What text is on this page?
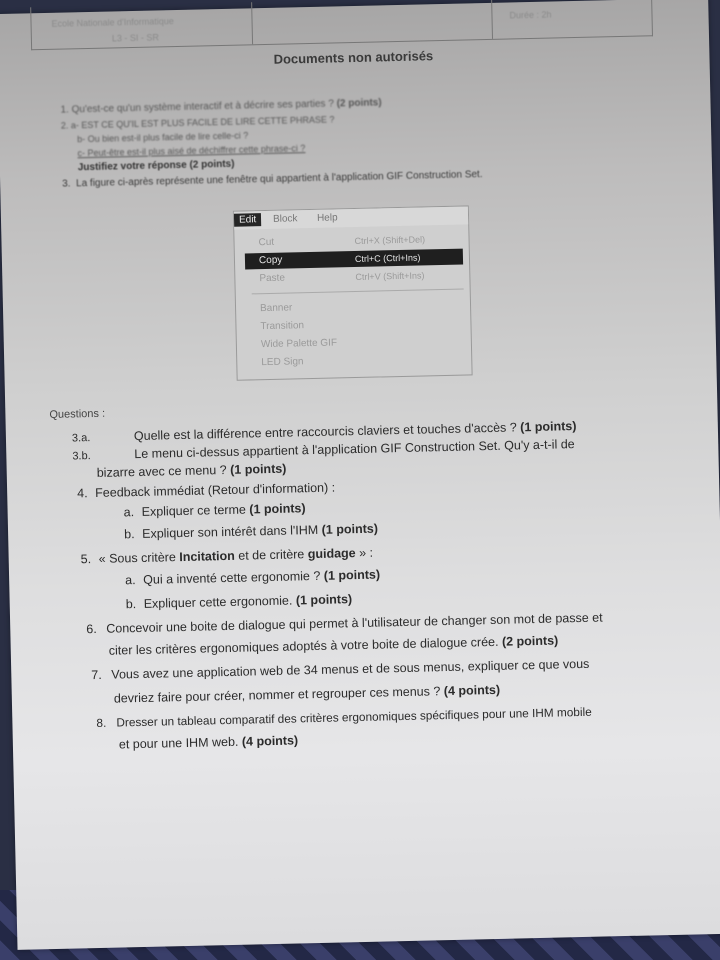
Ecole Nationale d'Informatique
L3 - SI - SR
Durée : 2h
Documents non autorisés
1. Qu'est-ce qu'un système interactif et à décrire ses parties ? (2 points)
2. a- EST CE QU'IL EST PLUS FACILE DE LIRE CETTE PHRASE ?
b- Ou bien est-il plus facile de lire celle-ci ?
c- Peut-être est-il plus aisé de déchiffrer cette phrase-ci ?
Justifiez votre réponse (2 points)
3. La figure ci-après représente une fenêtre qui appartient à l'application GIF Construction Set.
Edit	Block	Help
Cut	Ctrl+X (Shift+Del)
Copy	Ctrl+C (Ctrl+Ins)
Paste	Ctrl+V (Shift+Ins)
Banner
Transition
Wide Palette GIF
LED Sign
Questions :
3.a.	Quelle est la différence entre raccourcis claviers et touches d'accès ? (1 points)
3.b.	Le menu ci-dessus appartient à l'application GIF Construction Set. Qu'y a-t-il de
bizarre avec ce menu ? (1 points)
4. Feedback immédiat (Retour d'information) :
a. Expliquer ce terme (1 points)
b. Expliquer son intérêt dans l'IHM (1 points)
5. « Sous critère Incitation et de critère guidage » :
a. Qui a inventé cette ergonomie ? (1 points)
b. Expliquer cette ergonomie. (1 points)
6. Concevoir une boite de dialogue qui permet à l'utilisateur de changer son mot de passe et
citer les critères ergonomiques adoptés à votre boite de dialogue crée. (2 points)
7. Vous avez une application web de 34 menus et de sous menus, expliquer ce que vous
devriez faire pour créer, nommer et regrouper ces menus ? (4 points)
8. Dresser un tableau comparatif des critères ergonomiques spécifiques pour une IHM mobile
et pour une IHM web. (4 points)
